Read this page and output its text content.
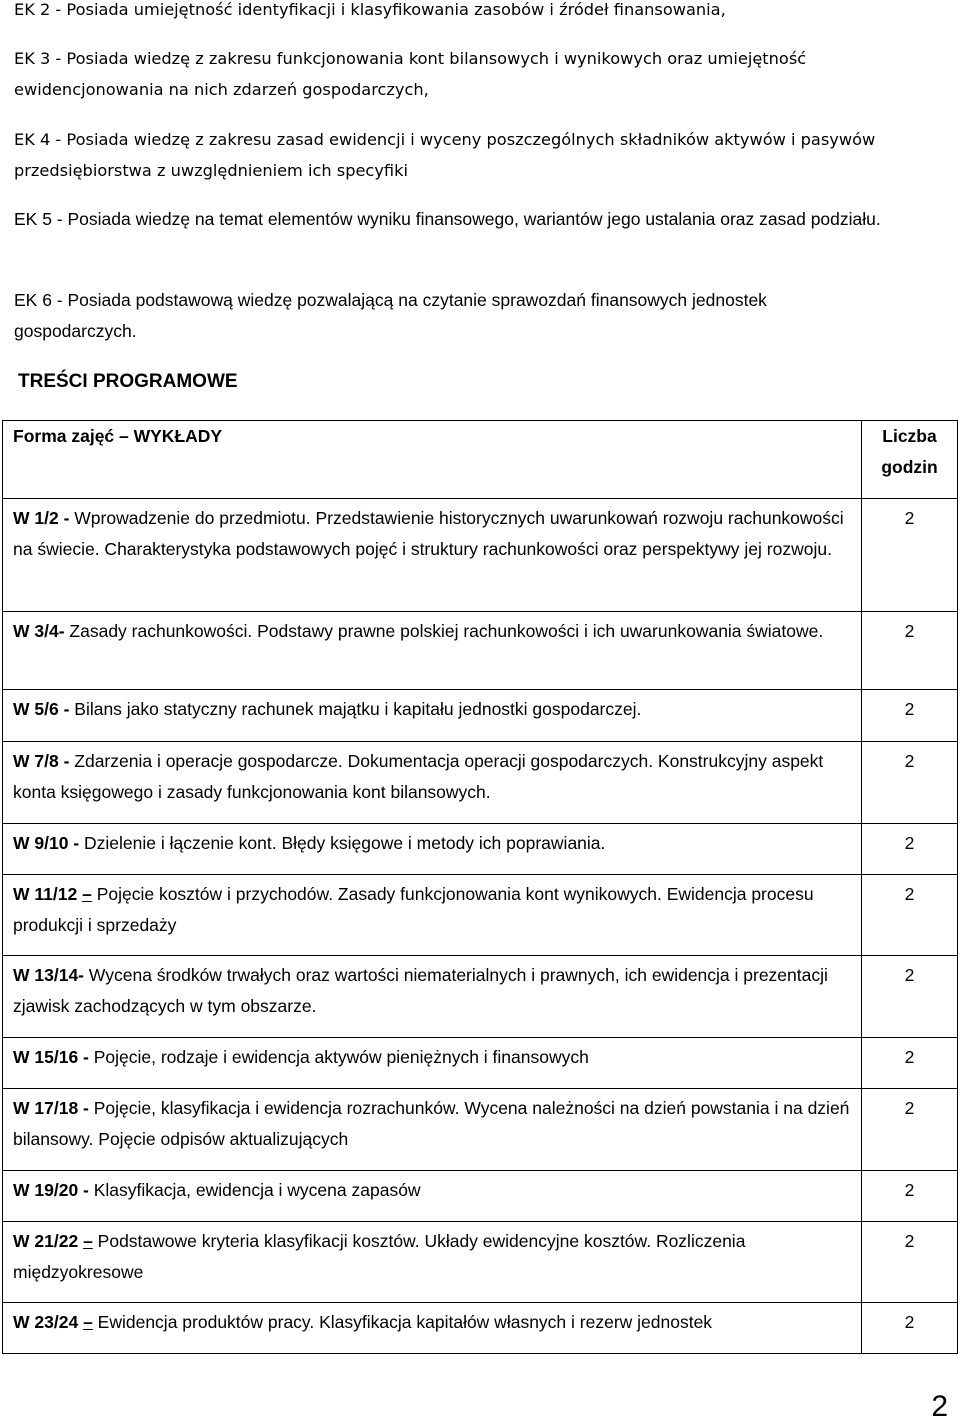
EK 2 - Posiada umiejętność identyfikacji i klasyfikowania zasobów i źródeł finansowania,

EK 3 - Posiada wiedzę z zakresu funkcjonowania kont bilansowych i wynikowych oraz umiejętność ewidencjonowania na nich zdarzeń gospodarczych,

EK 4 - Posiada wiedzę z zakresu zasad ewidencji i wyceny poszczególnych składników aktywów i pasywów przedsiębiorstwa z uwzględnieniem ich specyfiki

EK 5 - Posiada wiedzę na temat elementów wyniku finansowego, wariantów jego ustalania oraz zasad podziału.

EK 6 - Posiada podstawową wiedzę pozwalającą na czytanie sprawozdań finansowych jednostek gospodarczych.

TREŚCI PROGRAMOWE
Forma zajęć – WYKŁADY	Liczba godzin
W 1/2 - Wprowadzenie do przedmiotu. Przedstawienie historycznych uwarunkowań rozwoju rachunkowości na świecie. Charakterystyka podstawowych pojęć i struktury rachunkowości oraz perspektywy jej rozwoju.	2
W 3/4- Zasady rachunkowości. Podstawy prawne polskiej rachunkowości i ich uwarunkowania światowe.	2
W 5/6 - Bilans jako statyczny rachunek majątku i kapitału jednostki gospodarczej.	2
W 7/8 - Zdarzenia i operacje gospodarcze. Dokumentacja operacji gospodarczych. Konstrukcyjny aspekt konta księgowego i zasady funkcjonowania kont bilansowych.	2
W 9/10 - Dzielenie i łączenie kont. Błędy księgowe i metody ich poprawiania.	2
W 11/12 – Pojęcie kosztów i przychodów. Zasady funkcjonowania kont wynikowych. Ewidencja procesu produkcji i sprzedaży	2
W 13/14- Wycena środków trwałych oraz wartości niematerialnych i prawnych, ich ewidencja i prezentacji zjawisk zachodzących w tym obszarze.	2
W 15/16 - Pojęcie, rodzaje i ewidencja aktywów pieniężnych i finansowych	2
W 17/18 - Pojęcie, klasyfikacja i ewidencja rozrachunków. Wycena należności na dzień powstania i na dzień bilansowy. Pojęcie odpisów aktualizujących	2
W 19/20 - Klasyfikacja, ewidencja i wycena zapasów	2
W 21/22 – Podstawowe kryteria klasyfikacji kosztów. Układy ewidencyjne kosztów. Rozliczenia międzyokresowe	2
W 23/24 – Ewidencja produktów pracy. Klasyfikacja kapitałów własnych i rezerw jednostek	2
2
